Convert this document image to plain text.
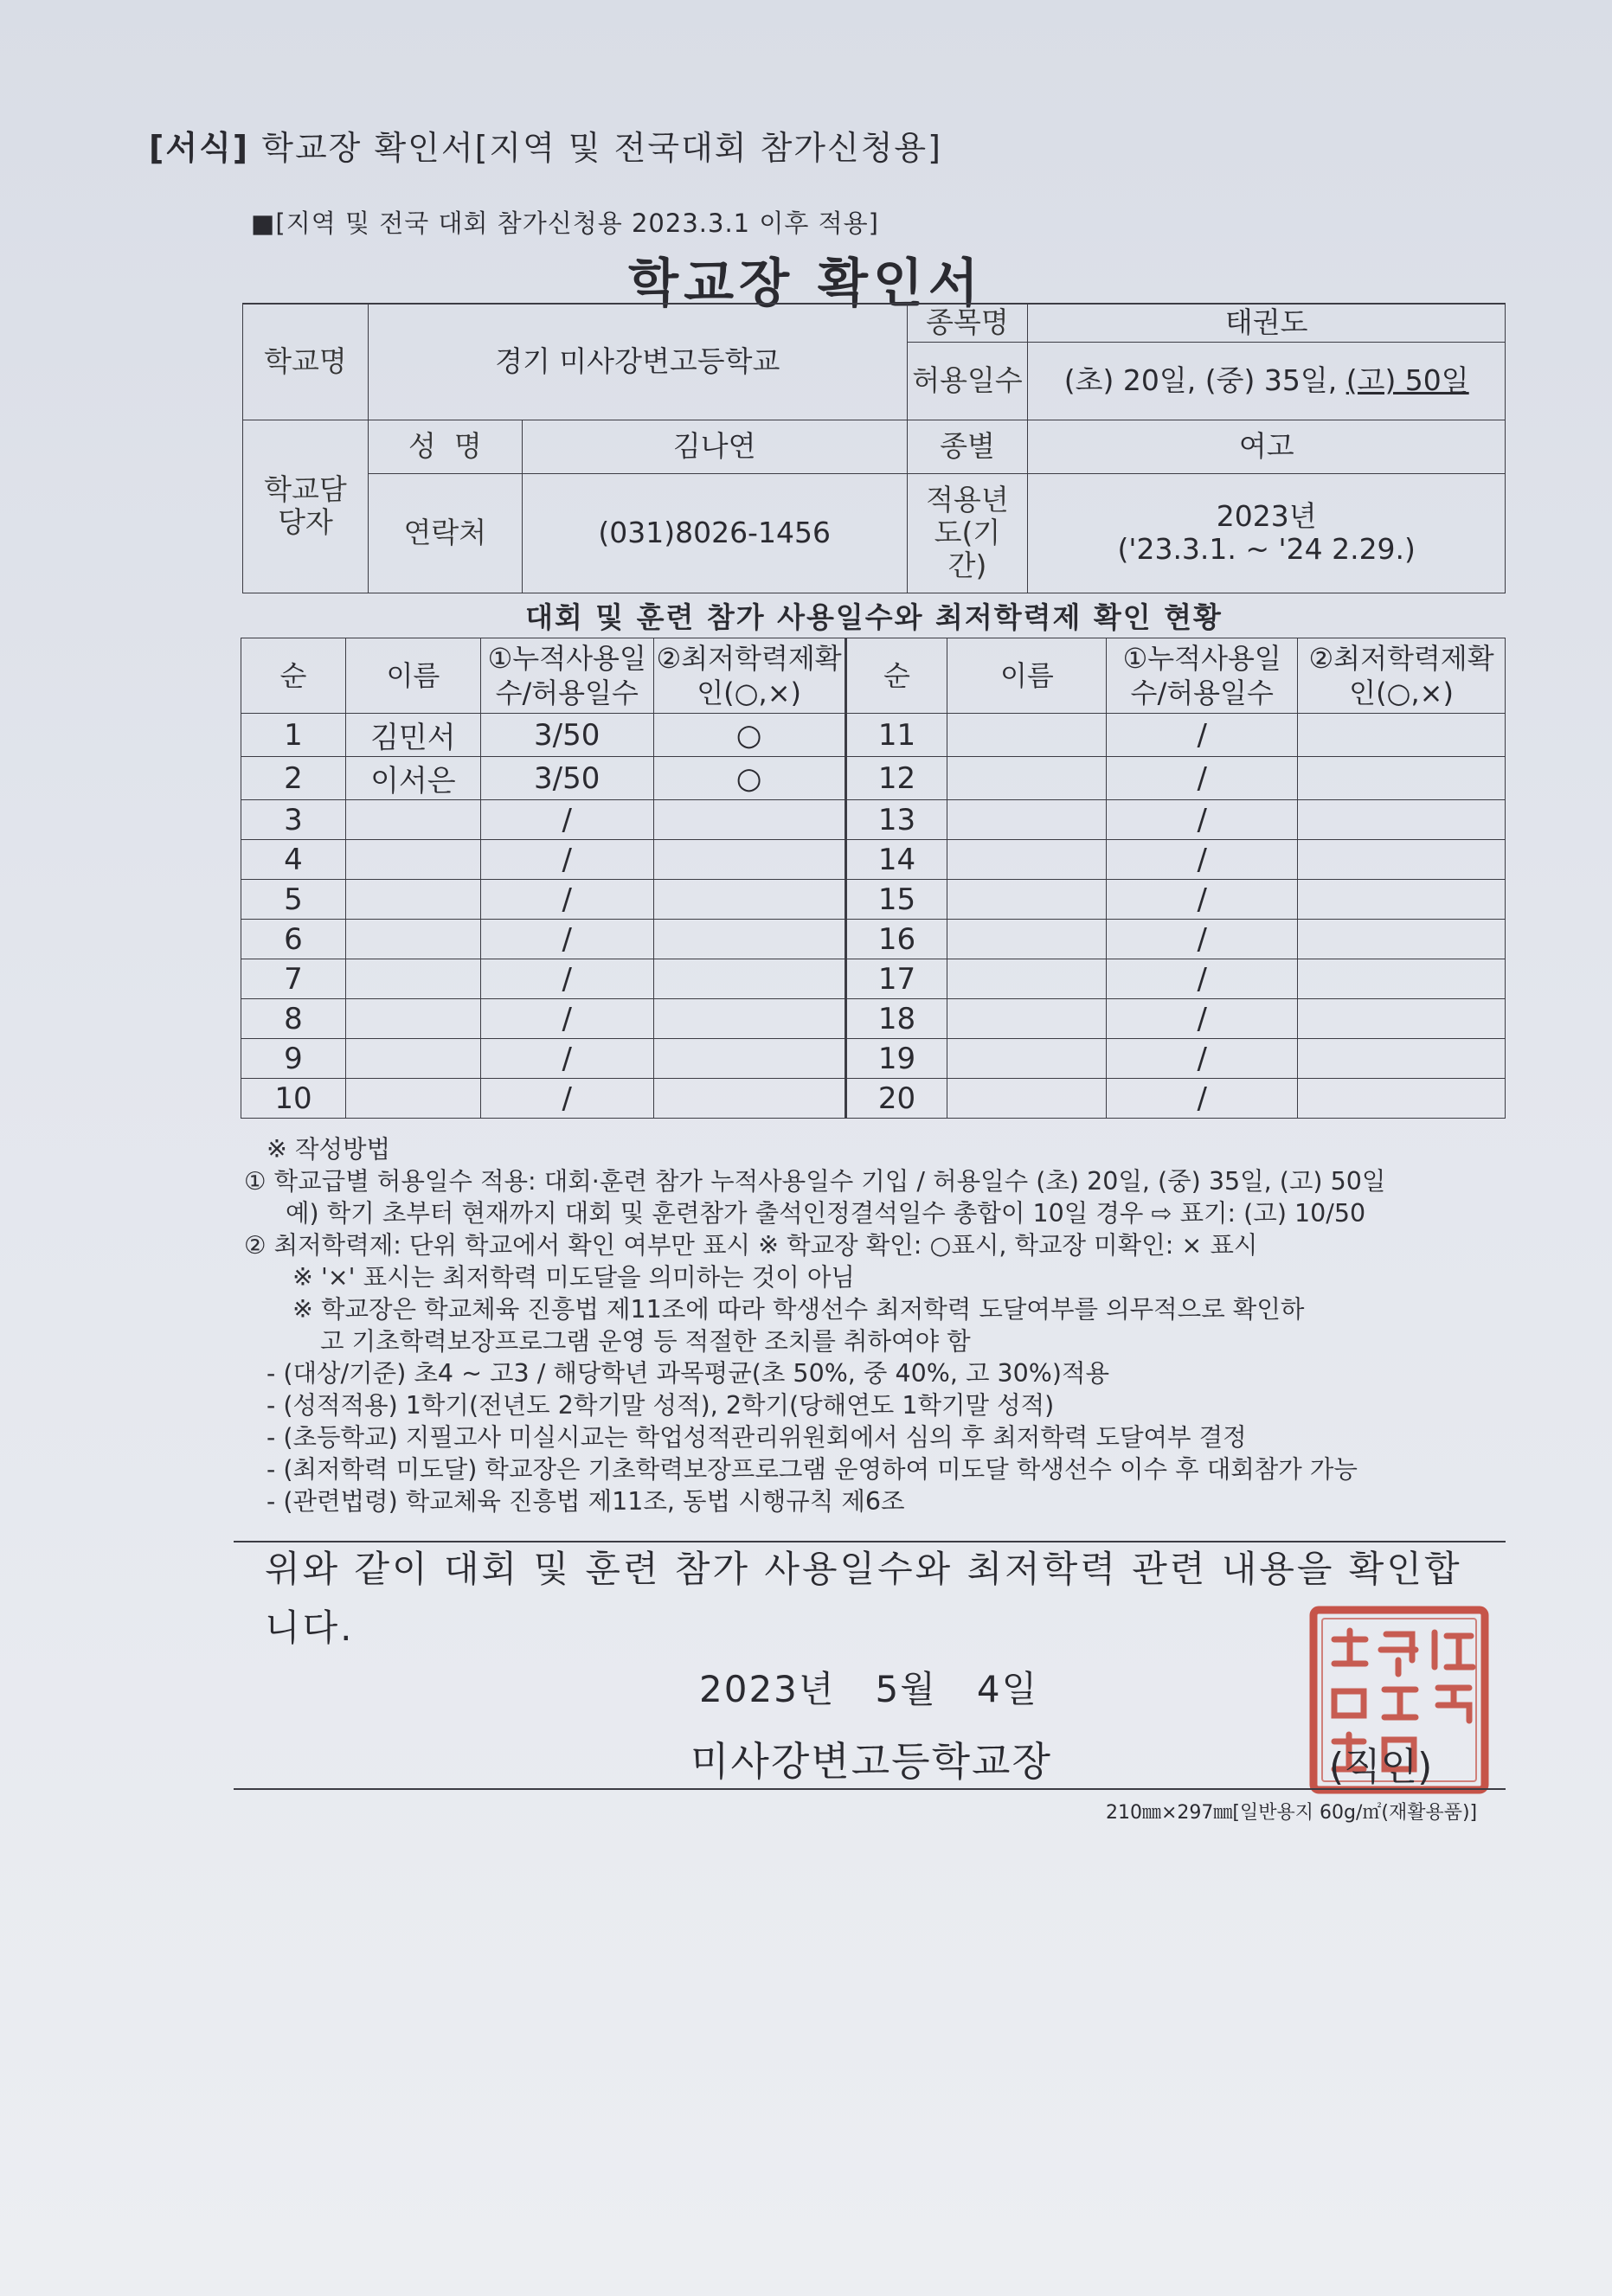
[서식] 학교장 확인서[지역 및 전국대회 참가신청용]
■[지역 및 전국 대회 참가신청용 2023.3.1 이후 적용]
학교장 확인서
학교명	경기 미사강변고등학교		종목명	태권도
			허용일수	(초) 20일, (중) 35일, (고) 50일
학교담당자	성  명	김나연	종별	여고
	연락처	(031)8026-1456	적용년도(기간)	2023년
('23.3.1. ~ '24 2.29.)
대회 및 훈련 참가 사용일수와 최저학력제 확인 현황
순	이름	①누적사용일수/허용일수	②최저학력제확인(○,×)	순	이름	①누적사용일수/허용일수	②최저학력제확인(○,×)
1	김민서	3/50	○	11		/	
2	이서은	3/50	○	12		/	
3		/		13		/	
4		/		14		/	
5		/		15		/	
6		/		16		/	
7		/		17		/	
8		/		18		/	
9		/		19		/	
10		/		20		/	
※ 작성방법
① 학교급별 허용일수 적용: 대회·훈련 참가 누적사용일수 기입 / 허용일수 (초) 20일, (중) 35일, (고) 50일
예) 학기 초부터 현재까지 대회 및 훈련참가 출석인정결석일수 총합이 10일 경우 ⇨ 표기: (고) 10/50
② 최저학력제: 단위 학교에서 확인 여부만 표시 ※ 학교장 확인: ○표시, 학교장 미확인: × 표시
※ '×' 표시는 최저학력 미도달을 의미하는 것이 아님
※ 학교장은 학교체육 진흥법 제11조에 따라 학생선수 최저학력 도달여부를 의무적으로 확인하
고 기초학력보장프로그램 운영 등 적절한 조치를 취하여야 함
- (대상/기준) 초4 ~ 고3 / 해당학년 과목평균(초 50%, 중 40%, 고 30%)적용
- (성적적용) 1학기(전년도 2학기말 성적), 2학기(당해연도 1학기말 성적)
- (초등학교) 지필고사 미실시교는 학업성적관리위원회에서 심의 후 최저학력 도달여부 결정
- (최저학력 미도달) 학교장은 기초학력보장프로그램 운영하여 미도달 학생선수 이수 후 대회참가 가능
- (관련법령) 학교체육 진흥법 제11조, 동법 시행규칙 제6조
위와 같이 대회 및 훈련 참가 사용일수와 최저학력 관련 내용을 확인합니다.
2023년   5월   4일
미사강변고등학교장	(직인)
210㎜×297㎜[일반용지 60g/㎡(재활용품)]
